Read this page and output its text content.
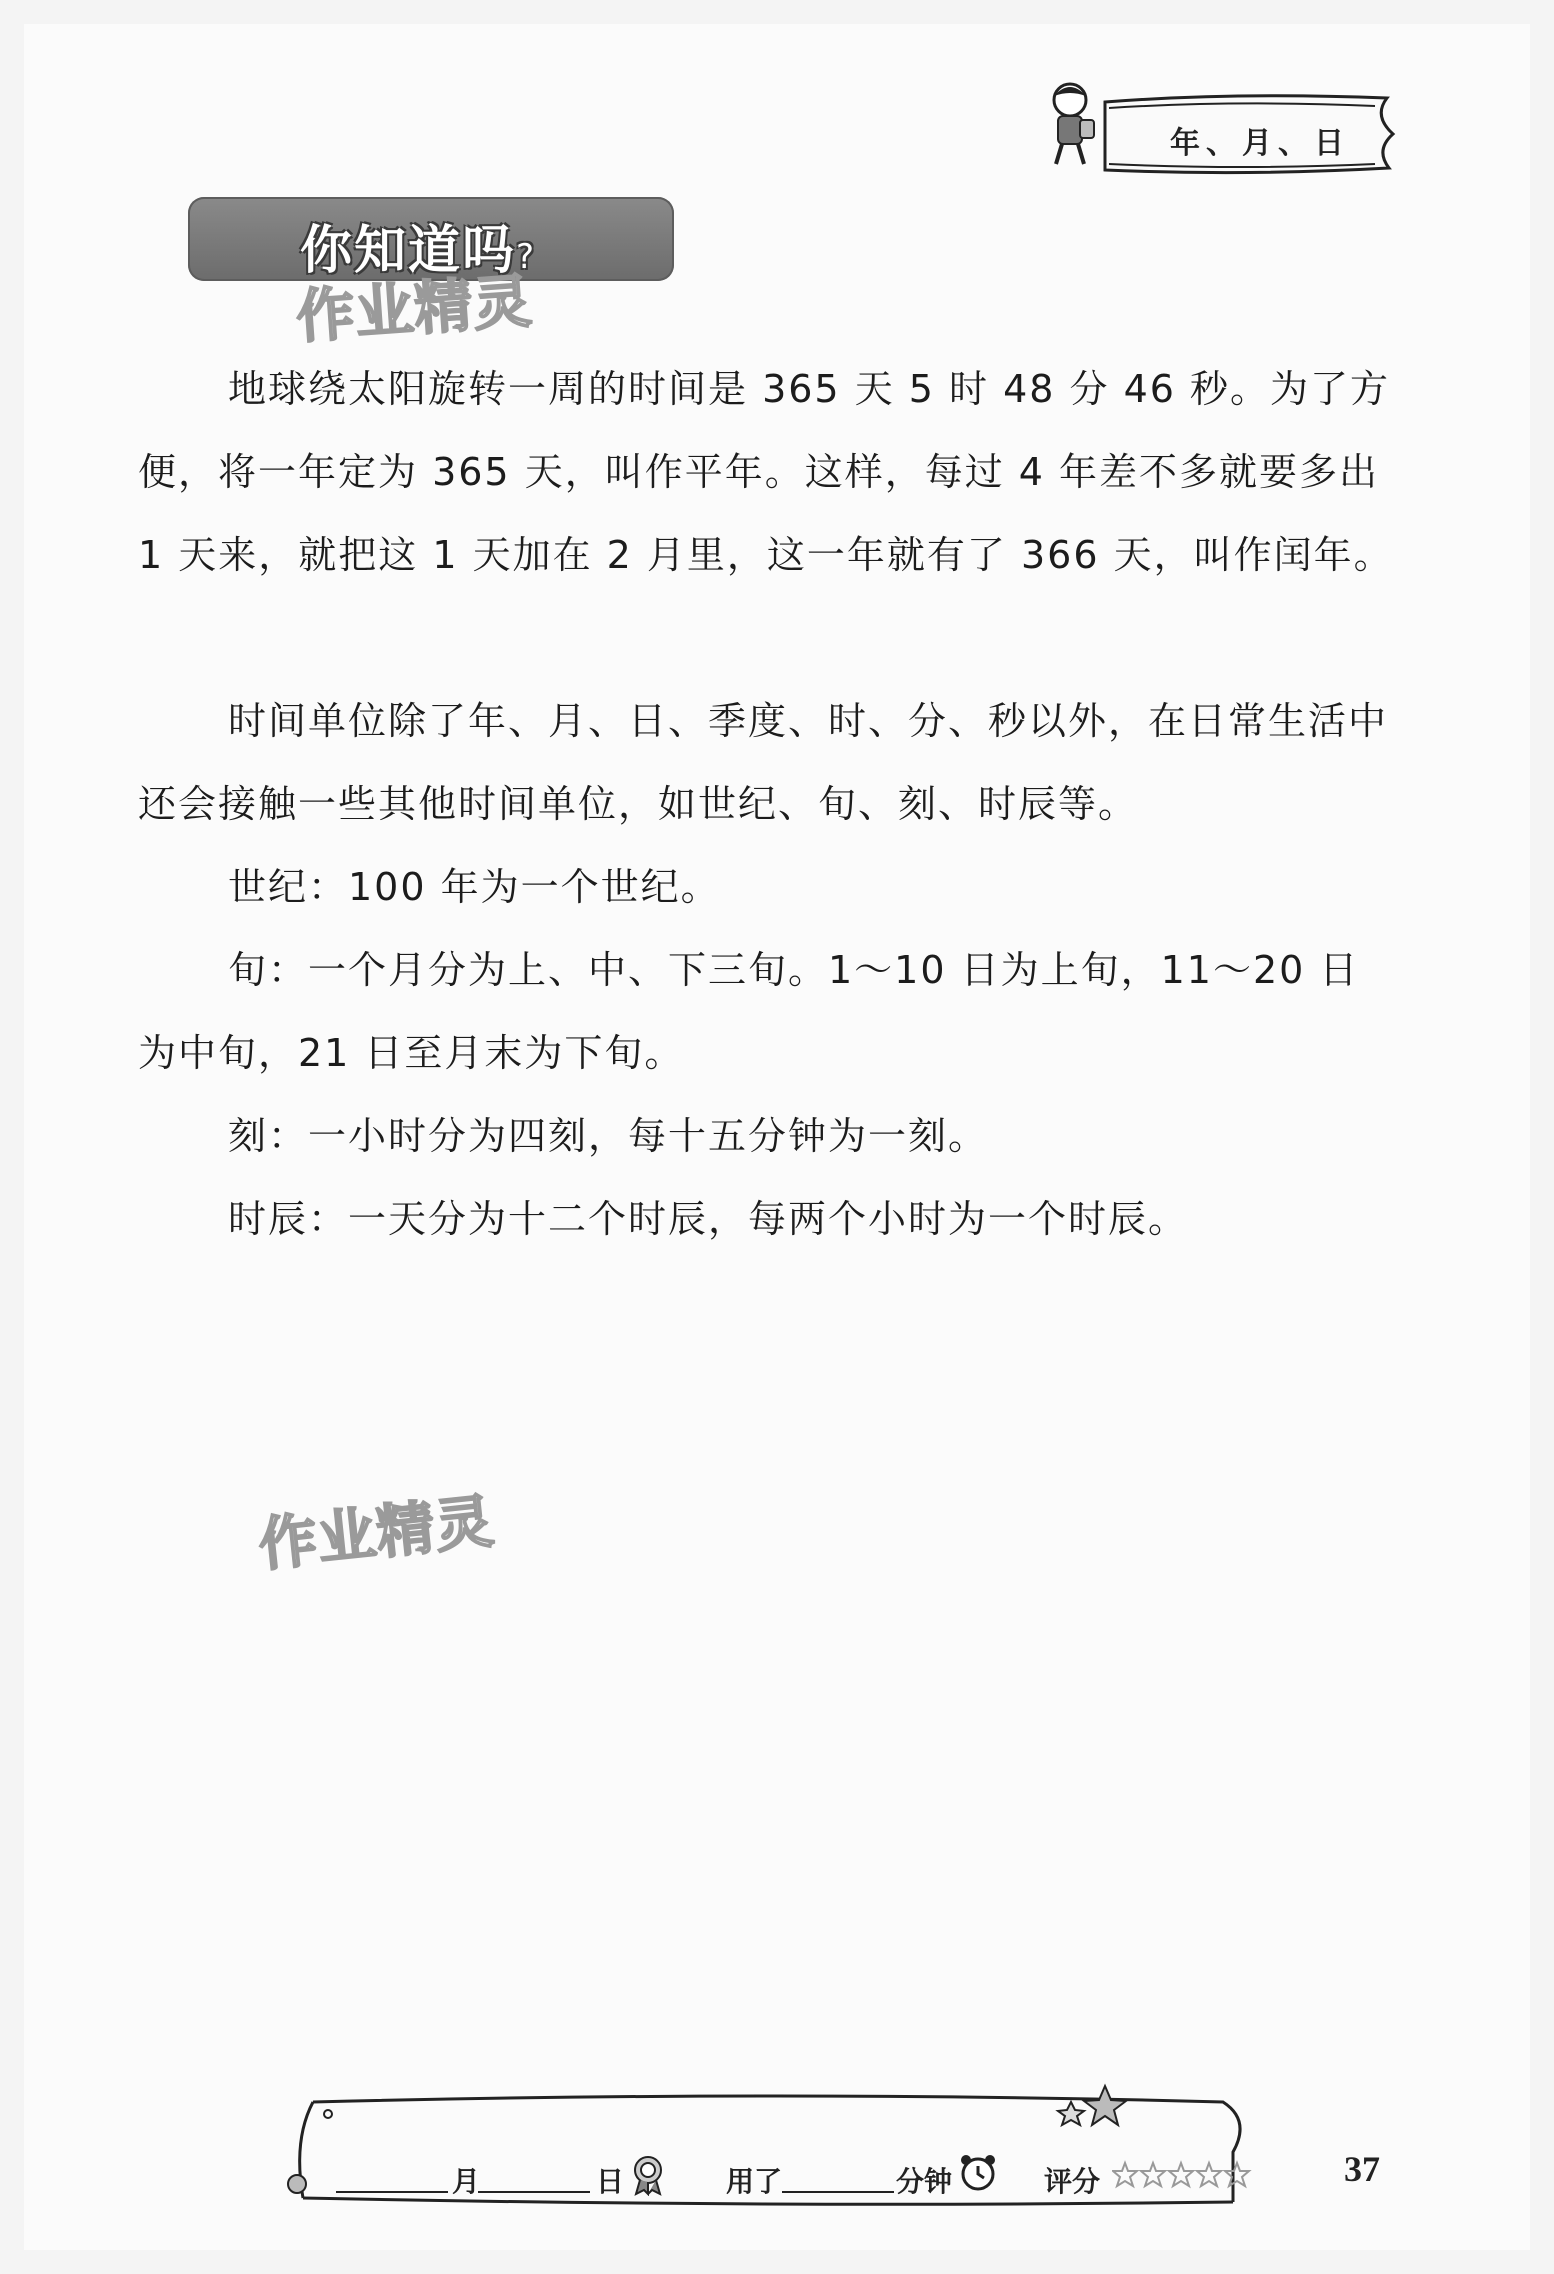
年、月、日
你知道吗?
作业精灵
作业精灵

地球绕太阳旋转一周的时间是 365 天 5 时 48 分 46 秒。为了方便，将一年定为 365 天，叫作平年。这样，每过 4 年差不多就要多出 1 天来，就把这 1 天加在 2 月里，这一年就有了 366 天，叫作闰年。

时间单位除了年、月、日、季度、时、分、秒以外，在日常生活中还会接触一些其他时间单位，如世纪、旬、刻、时辰等。

世纪：100 年为一个世纪。

旬：一个月分为上、中、下三旬。1～10 日为上旬，11～20 日为中旬，21 日至月末为下旬。

刻：一小时分为四刻，每十五分钟为一刻。

时辰：一天分为十二个时辰，每两个小时为一个时辰。

月	日	用了	分钟	评分	37
